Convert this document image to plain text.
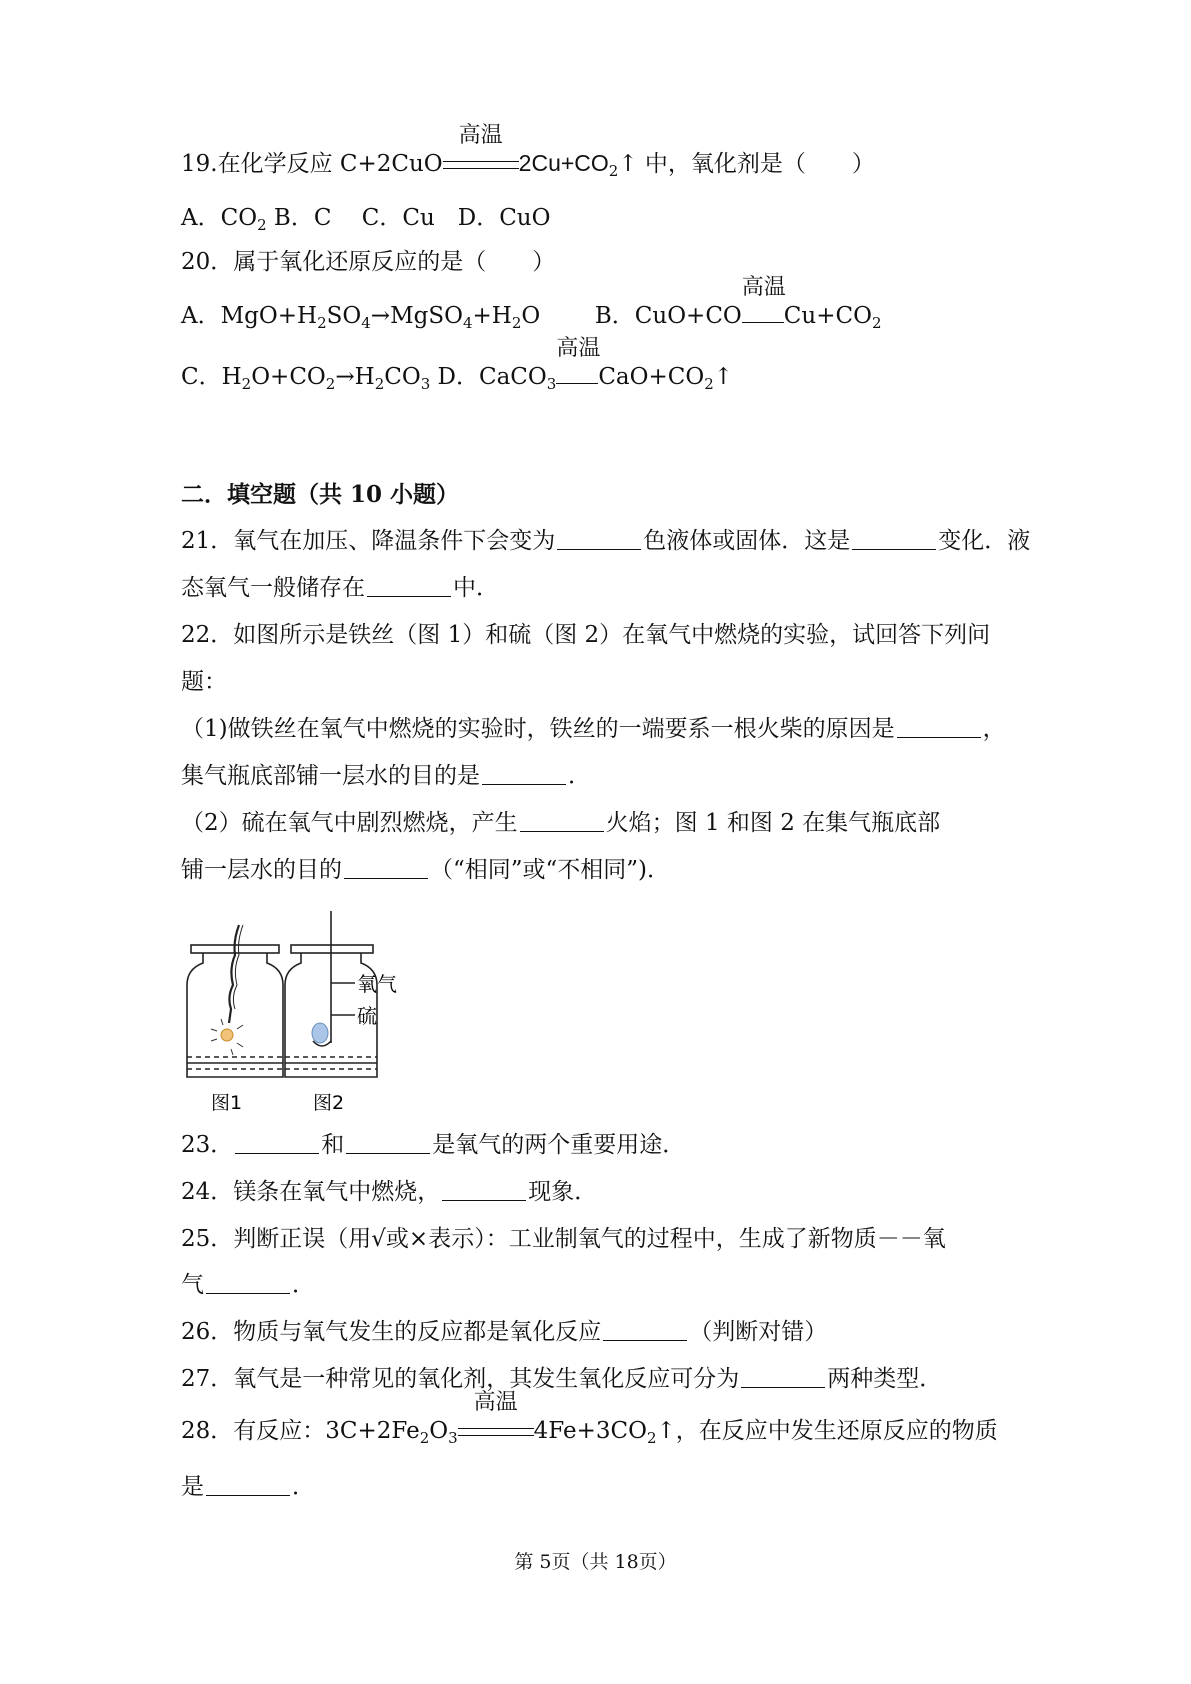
19.在化学反应 C+2CuO
高温
$2Cu+CO_2↑$ 中，氧化剂是（　　）
A．$CO_2$ B．C　 C．Cu　D．CuO
20．属于氧化还原反应的是（　　）
A．$MgO+H_2SO_4\to MgSO_4+H_2O$ B．CuO+CO
高温
$Cu+CO_2$
C．$H_2O+CO_2\to H_2CO_3$ D．CaCO$_3$
高温
$CaO+CO_2↑$
二．填空题（共 10 小题）
21．氧气在加压、降温条件下会变为	色液体或固体．这是	变化．液
态氧气一般储存在	中．
22．如图所示是铁丝（图 1）和硫（图 2）在氧气中燃烧的实验，试回答下列问
题：
（1)做铁丝在氧气中燃烧的实验时，铁丝的一端要系一根火柴的原因是	，
集气瓶底部铺一层水的目的是	．
（2）硫在氧气中剧烈燃烧，产生	火焰；图 1 和图 2 在集气瓶底部
铺一层水的目的	（“相同”或“不相同”)．
氧气
硫
图1	图2
23．	和	是氧气的两个重要用途．
24．镁条在氧气中燃烧，	现象．
25．判断正误（用√或×表示）：工业制氧气的过程中，生成了新物质－－氧
气	．
26．物质与氧气发生的反应都是氧化反应	（判断对错）
27．氧气是一种常见的氧化剂，其发生氧化反应可分为	两种类型．
28．有反应：$3C+2Fe_2O_3$
高温
$4Fe+3CO_2↑$，在反应中发生还原反应的物质
是	．
第 5页（共 18页）
